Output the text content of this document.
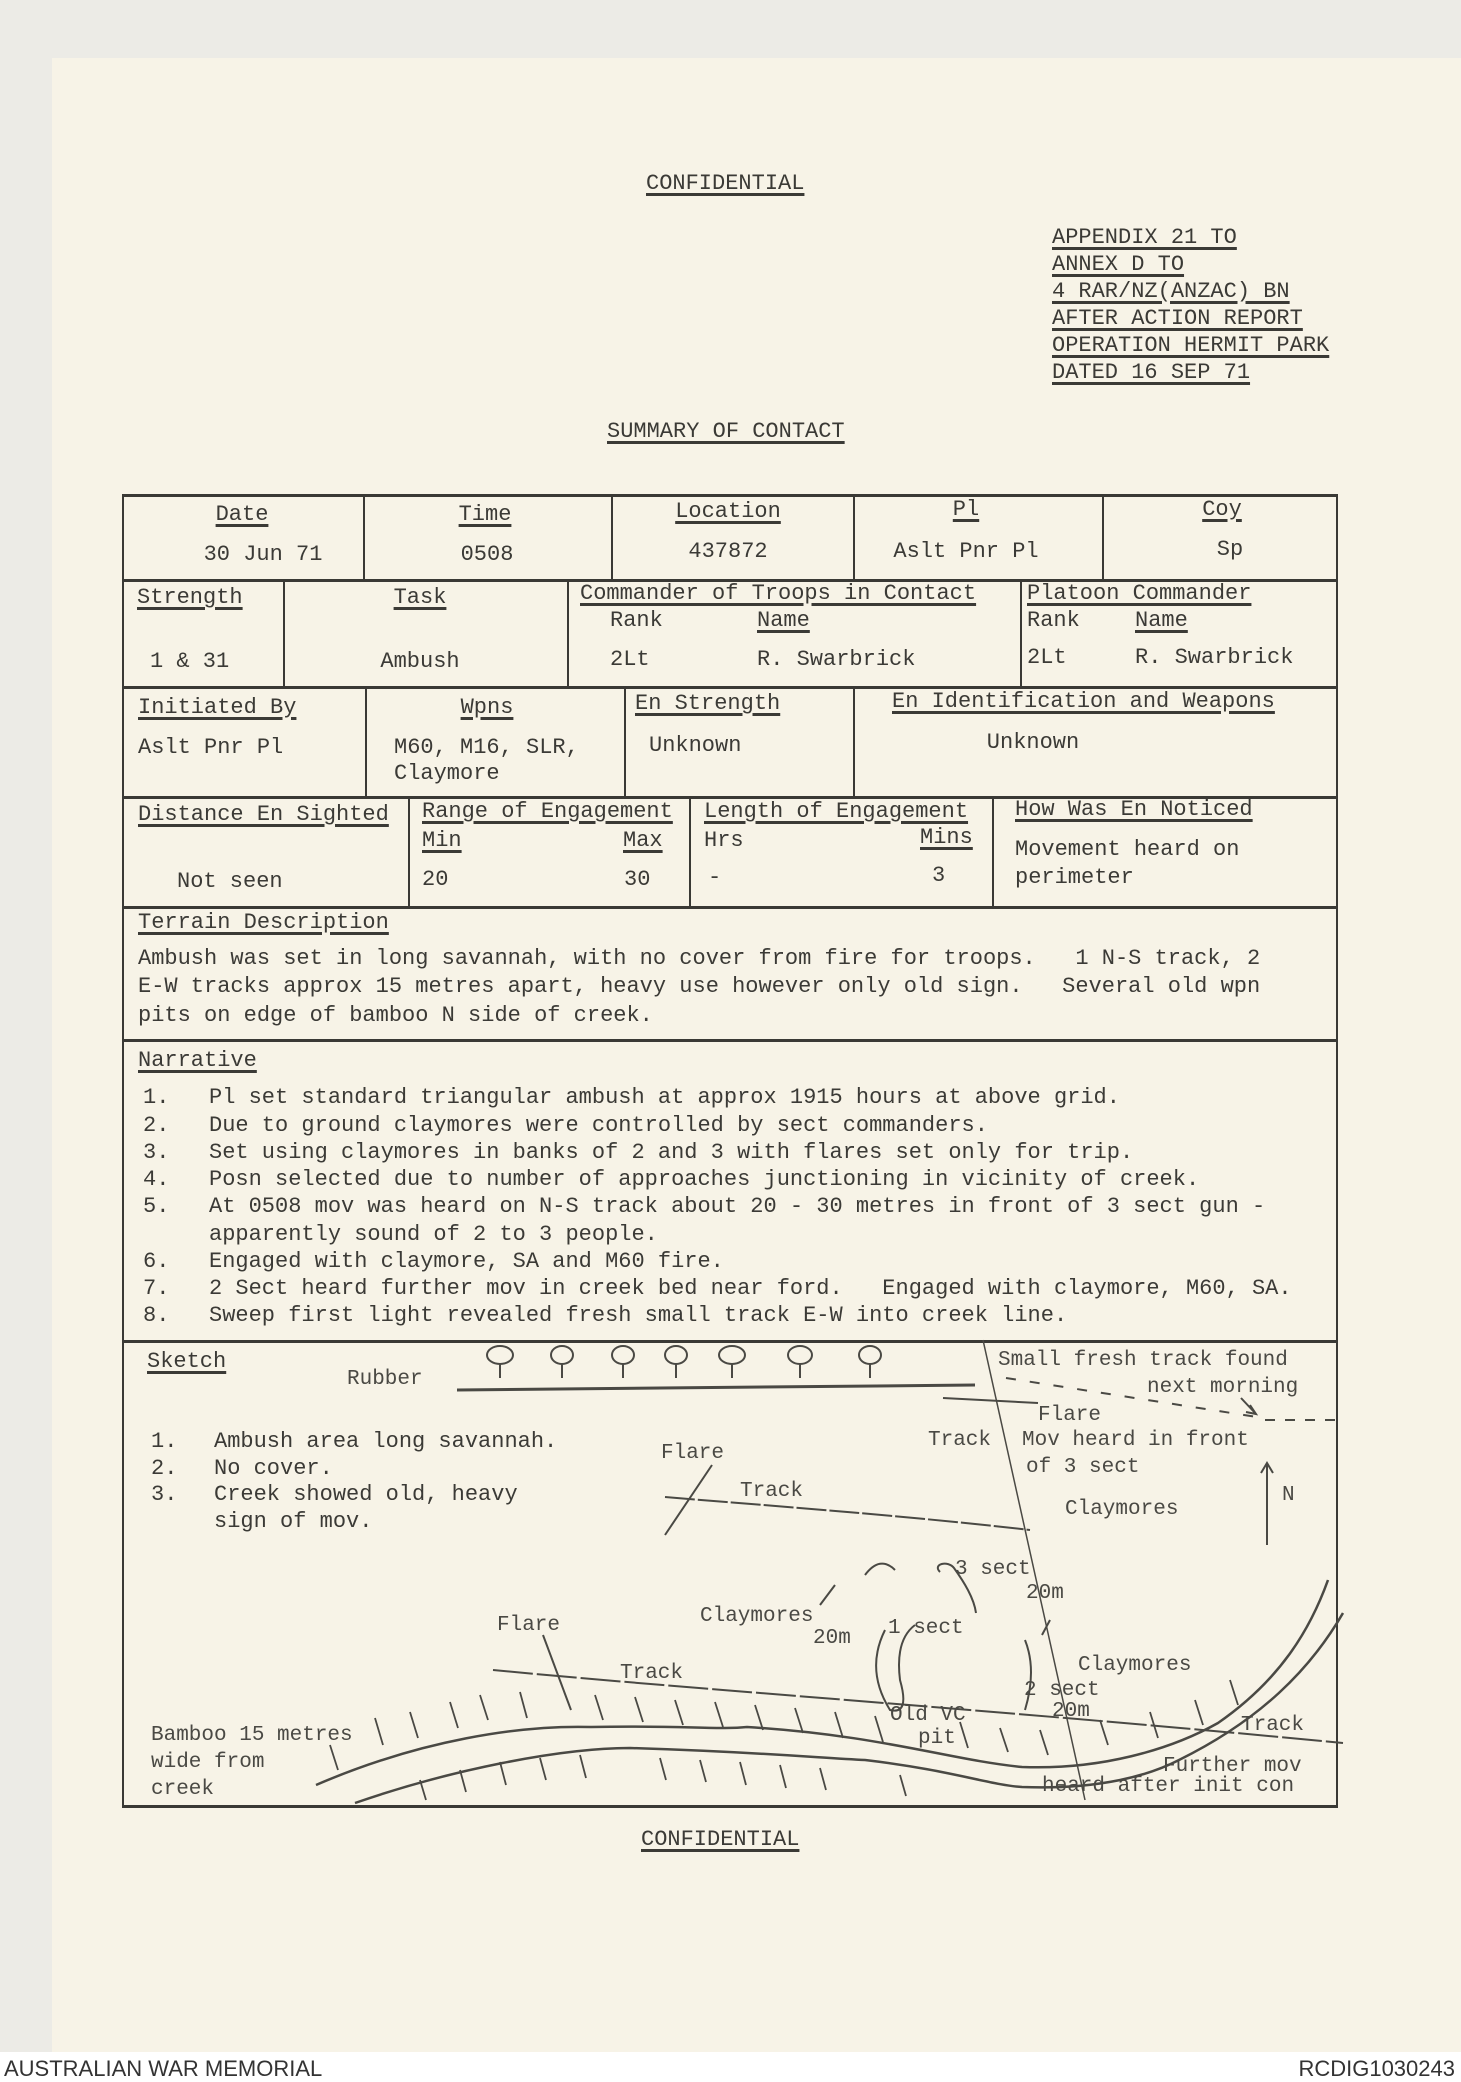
CONFIDENTIAL
APPENDIX 21 TO
ANNEX D TO
4 RAR/NZ(ANZAC) BN
AFTER ACTION REPORT
OPERATION HERMIT PARK
DATED 16 SEP 71
SUMMARY OF CONTACT
Date
30 Jun 71
Time
0508
Location
437872
Pl
Aslt Pnr Pl
Coy
Sp
Strength
1 & 31
Task
Ambush
Commander of Troops in Contact
Rank	Name
2Lt	R. Swarbrick
Platoon Commander
Rank	Name
2Lt	R. Swarbrick
Initiated By
Aslt Pnr Pl
Wpns
M60, M16, SLR,
Claymore
En Strength
Unknown
En Identification and Weapons
Unknown
Distance En Sighted
Not seen
Range of Engagement
Min	Max
20	30
Length of Engagement
Hrs	Mins
-	3
How Was En Noticed
Movement heard on
perimeter
Terrain Description
Ambush was set in long savannah, with no cover from fire for troops.   1 N-S track, 2
E-W tracks approx 15 metres apart, heavy use however only old sign.   Several old wpn
pits on edge of bamboo N side of creek.
Narrative
1. Pl set standard triangular ambush at approx 1915 hours at above grid.
2. Due to ground claymores were controlled by sect commanders.
3. Set using claymores in banks of 2 and 3 with flares set only for trip.
4. Posn selected due to number of approaches junctioning in vicinity of creek.
5. At 0508 mov was heard on N-S track about 20 - 30 metres in front of 3 sect gun -
apparently sound of 2 to 3 people.
6. Engaged with claymore, SA and M60 fire.
7. 2 Sect heard further mov in creek bed near ford.   Engaged with claymore, M60, SA.
8. Sweep first light revealed fresh small track E-W into creek line.
Sketch
1. Ambush area long savannah.
2. No cover.
3. Creek showed old, heavy
sign of mov.
Rubber
Small fresh track found
next morning
Flare
Track Mov heard in front
of 3 sect
N
Flare
Track
Claymores
3 sect
20m
Claymores
20m 1 sect
Flare
Track	Claymores
2 sect
20m
Old VC
pit
Track
Further mov
heard after init con
Bamboo 15 metres
wide from
creek
CONFIDENTIAL
AUSTRALIAN WAR MEMORIAL	RCDIG1030243
